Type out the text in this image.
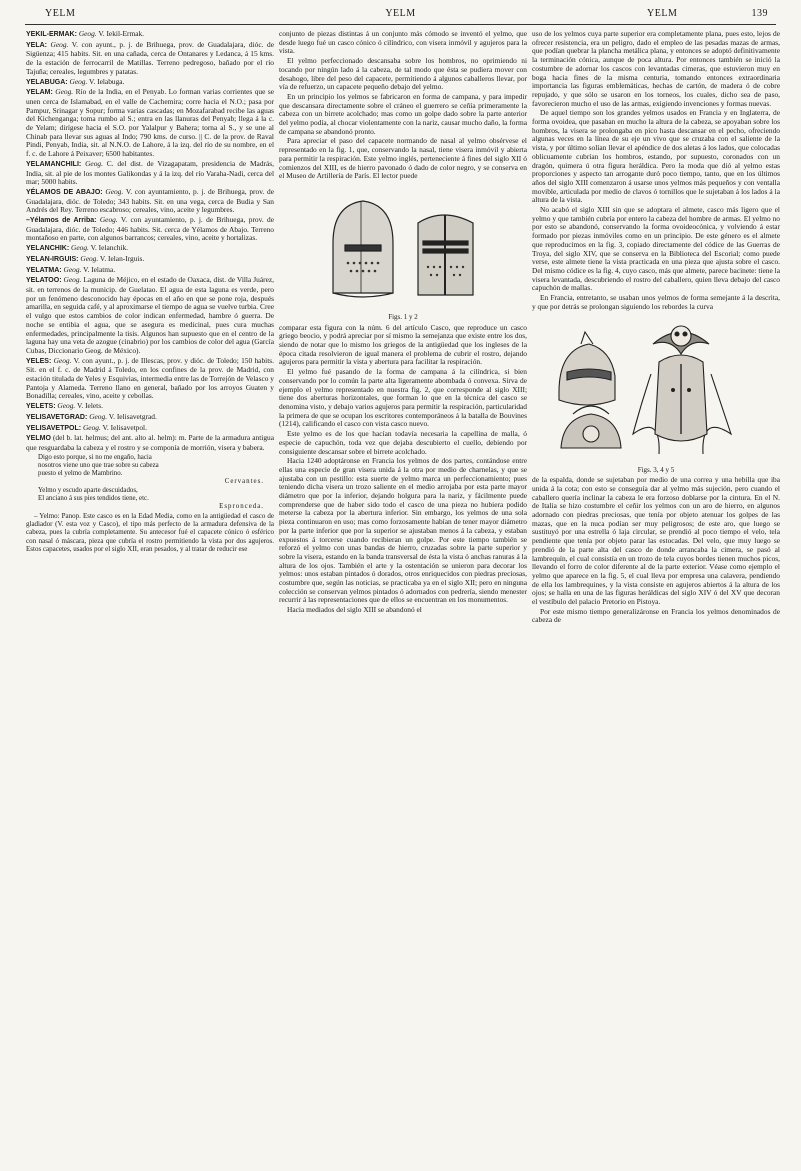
YELM	YELM	YELM	139

YEKIL-ERMAK: Geog. V. Iekil-Ermak.

YELA: Geog. V. con ayunt., p. j. de Brihuega, prov. de Guadalajara, dióc. de Sigüenza; 415 habits. Sit. en una cañada, cerca de Ontanares y Ledanca, á 15 kms. de la estación de ferrocarril de Matillas. Terreno pedregoso, bañado por el río Tajuña; cereales, legumbres y patatas.

YELABUGA: Geog. V. Ielabuga.

YELAM: Geog. Río de la India, en el Penyab. Lo forman varias corrientes que se unen cerca de Islamabad, en el valle de Cachemira; corre hacia el N.O.; pasa por Pampur, Srinagar y Sopur; forma varias cascadas; en Mozafarabad recibe las aguas del Kichenganga; toma rumbo al S.; entra en las llanuras del Penyab; llega á la c. de Yelam; dirígese hacia el S.O. por Yalalpur y Bahera; torna al S., y se une al Chinab para llevar sus aguas al Indo; 790 kms. de curso. || C. de la prov. de Raval Pindi, Penyab, India, sit. al N.N.O. de Lahore, á la izq. del río de su nombre, en el f. c. de Lahore á Peixaver; 6500 habitantes.

YELAMANCHILI: Geog. C. del dist. de Vizagapatam, presidencia de Madrás, India, sit. al pie de los montes Galikondas y á la izq. del río Varaha-Nadi, cerca del mar; 5000 habits.

YÉLAMOS DE ABAJO: Geog. V. con ayuntamiento, p. j. de Brihuega, prov. de Guadalajara, dióc. de Toledo; 343 habits. Sit. en una vega, cerca de Budia y San Andrés del Rey. Terreno escabroso; cereales, vino, aceite y legumbres.

–Yélamos de Arriba: Geog. V. con ayuntamiento, p. j. de Brihuega, prov. de Guadalajara, dióc. de Toledo; 446 habits. Sit. cerca de Yélamos de Abajo. Terreno montañoso en parte, con algunos barrancos; cereales, vino, aceite y hortalizas.

YELANCHIK: Geog. V. Ielanchik.

YELAN-IRGUIS: Geog. V. Ielan-Irguis.

YELATMA: Geog. V. Ielatma.

YELATOO: Geog. Laguna de Méjico, en el estado de Oaxaca, dist. de Villa Juárez, sit. en terrenos de la municip. de Guelatao. El agua de esta laguna es verde, pero por un fenómeno desconocido hay épocas en el año en que se pone roja, después amarilla, en seguida café, y al aproximarse el tiempo de agua se vuelve turbia. Cree el vulgo que estos cambios de color indican enfermedad, hambre ó guerra. De noche se entibia el agua, que se asegura es medicinal, pues cura muchas enfermedades, principalmente la tisis. Algunos han supuesto que en el centro de la laguna hay una veta de azogue (cinabrio) por los cambios de color del agua (García Cubas, Diccionario Geog. de México).

YELES: Geog. V. con ayunt., p. j. de Illescas, prov. y dióc. de Toledo; 150 habits. Sit. en el f. c. de Madrid á Toledo, en los confines de la prov. de Madrid, con estación titulada de Yeles y Esquivias, intermedia entre las de Torrejón de Velasco y Pantoja y Alameda. Terreno llano en general, bañado por los arroyos Guaten y Bonadilla; cereales, vino, aceite y cebollas.

YELETS: Geog. V. Ielets.

YELISAVETGRAD: Geog. V. Ielisavetgrad.

YELISAVETPOL: Geog. V. Ielisavetpol.

YELMO (del b. lat. helmus; del ant. alto al. helm): m. Parte de la armadura antigua que resguardaba la cabeza y el rostro y se componía de morrión, visera y babera.

Digo esto porque, si no me engaño, hacia
nosotros viene uno que trae sobre su cabeza
puesto el yelmo de Mambrino.
Cervantes.
Yelmo y escudo aparte descuidados,
El anciano á sus pies tendidos tiene, etc.
Espronceda.

– Yelmo: Panop. Este casco es en la Edad Media, como en la antigüedad el casco de gladiador (V. esta voz y Casco), el tipo más perfecto de la armadura defensiva de la cabeza, pues la cubría completamente. Su antecesor fué el capacete cónico ó esférico con nasal ó máscara, pieza que cubría el rostro permitiendo la vista por dos agujeros. Estos capacetes, usados por el siglo XII, eran pesados, y al tratar de reducir ese

conjunto de piezas distintas á un conjunto más cómodo se inventó el yelmo, que desde luego fué un casco cónico ó cilíndrico, con visera inmóvil y agujeros para la vista.

El yelmo perfeccionado descansaba sobre los hombros, no oprimiendo ni tocando por ningún lado á la cabeza, de tal modo que ésta se pudiera mover con desahogo, libre del peso del capacete, permitiendo á algunos caballeros llevar, por vía de refuerzo, un capacete pequeño debajo del yelmo.

En un principio los yelmos se fabricaron en forma de campana, y para impedir que descansara directamente sobre el cráneo el guerrero se ceñía primeramente la cabeza con un birrete acolchado; mas como un golpe dado sobre la parte anterior del yelmo podía, al chocar violentamente con la nariz, causar mucho daño, la forma de campana se abandonó pronto.

Para apreciar el paso del capacete normando de nasal al yelmo obsérvese el representado en la fig. 1, que, conservando la nasal, tiene visera inmóvil y abierta para permitir la respiración. Este yelmo inglés, perteneciente á fines del siglo XII ó comienzos del XIII, es de hierro pavonado ó dado de color negro, y se conserva en el Museo de Artillería de París. El lector puede

Figs. 1 y 2

comparar esta figura con la núm. 6 del artículo Casco, que reproduce un casco griego beocio, y podrá apreciar por sí mismo la semejanza que existe entre los dos, siendo de notar que lo mismo los griegos de la antigüedad que los ingleses de la época citada resolvieron de igual manera el problema de cubrir el rostro, dejando agujeros para permitir la vista y abertura para facilitar la respiración.

El yelmo fué pasando de la forma de campana á la cilíndrica, si bien conservando por lo común la parte alta ligeramente abombada ó convexa. Sirva de ejemplo el yelmo representado en nuestra fig. 2, que corresponde al siglo XIII; tiene dos aberturas horizontales, que forman lo que en la técnica del casco se denomina visto, y debajo varios agujeros para permitir la respiración, particularidad la primera de que se ocupan los escritores contemporáneos á la batalla de Bouvines (1214), calificando el casco con vista casco nuevo.

Este yelmo es de los que hacían todavía necesaria la capellina de malla, ó especie de capuchón, toda vez que dejaba descubierto el cuello, debiendo por consiguiente descansar sobre el birrete acolchado.

Hacia 1240 adoptáronse en Francia los yelmos de dos partes, contándose entre ellas una especie de gran visera unida á la otra por medio de charnelas, y que se ajustaba con un pestillo: esta suerte de yelmo marca un perfeccionamiento; pues teniendo dicha visera un trozo saliente en el medio arrojaba por esta parte mayor diámetro que por la inferior, dejando holgura para la nariz, y fácilmente puede comprenderse que de haber sido todo el casco de una pieza no hubiera podido meterse la cabeza por la abertura inferior. Sin embargo, los yelmos de una sola pieza continuaron en uso; mas como forzosamente habían de tener mayor diámetro por la parte inferior que por la superior se ajustaban menos á la cabeza, y estaban expuestos á torcerse cuando recibieran un golpe. Por este tiempo también se reforzó el yelmo con unas bandas de hierro, cruzadas sobre la parte superior y sobre la visera, estando en la banda transversal de ésta la vista ó anchas ranuras á la altura de los ojos. También el arte y la ostentación se unieron para decorar los yelmos: unos estaban pintados ó dorados, otros enriquecidos con piedras preciosas, costumbre que, según las noticias, se practicaba ya en el siglo XII; pero en ninguna colección se conservan yelmos pintados ó adornados con pedrería, siendo menester recurrir á las representaciones que de ellos se encuentran en los monumentos.

Hacia mediados del siglo XIII se abandonó el

uso de los yelmos cuya parte superior era completamente plana, pues esto, lejos de ofrecer resistencia, era un peligro, dado el empleo de las pesadas mazas de armas, que podían quebrar la plancha metálica plana, y entonces se adoptó definitivamente la terminación cónica, aunque de poca altura. Por entonces también se inició la costumbre de adornar los cascos con levantadas cimeras, que estuvieron muy en boga hacia fines de la misma centuria, tomando entonces extraordinaria importancia las figuras emblemáticas, hechas de cartón, de madera ó de cobre repujado, y que sólo se usaron en los torneos, los cuales, dicho sea de paso, favorecieron mucho el uso de las armas, exigiendo invenciones y formas nuevas.

De aquel tiempo son los grandes yelmos usados en Francia y en Inglaterra, de forma ovoidea, que pasaban en mucho la altura de la cabeza, se apoyaban sobre los hombros, la visera se prolongaba en pico hasta descansar en el pecho, ofreciendo algunas veces en la línea de su eje un vivo que se cruzaba con el saliente de la vista, y por último solían llevar el apéndice de dos aletas á los lados, que colocadas oblicuamente cubrían los hombros, estando, por supuesto, coronados con un dragón, quimera ú otra figura heráldica. Pero la moda que dió al yelmo estas proporciones y aspecto tan arrogante duró poco tiempo, tanto, que en los últimos años del siglo XIII comenzaron á usarse unos yelmos más pequeños y con ventalla movible, articulada por medio de clavos ó tornillos que le sujetaban á los lados á la altura de la vista.

No acabó el siglo XIII sin que se adoptara el almete, casco más ligero que el yelmo y que también cubría por entero la cabeza del hombre de armas. El yelmo no por esto se abandonó, conservando la forma ovoideocónica, y volviendo á estar formado por piezas inmóviles como en un principio. De este género es el almete que reproducimos en la fig. 3, copiado directamente del códice de las Guerras de Troya, del siglo XIV, que se conserva en la Biblioteca del Escorial; como puede verse, este almete tiene la vista practicada en una pieza que ajusta sobre el casco. Del mismo códice es la fig. 4, cuyo casco, más que almete, parece bacinete: tiene la visera levantada, descubriendo el rostro del caballero, quien lleva debajo del casco capuchón de mallas.

En Francia, entretanto, se usaban unos yelmos de forma semejante á la descrita, y que por detrás se prolongan siguiendo los rebordes la curva

Figs. 3, 4 y 5

de la espalda, donde se sujetaban por medio de una correa y una hebilla que iba unida á la cota; con esto se conseguía dar al yelmo más sujeción, pero cuando el caballero quería inclinar la cabeza le era forzoso doblarse por la cintura. En el N. de Italia se hizo costumbre el ceñir los yelmos con un aro de hierro, en algunos adornado con piedras preciosas, que tenía por objeto atenuar los golpes de las mazas, que en la nuca podían ser muy peligrosos; de este aro, que luego se sustituyó por una estrella ó laja circular, se prendió al poco tiempo el velo, tela pendiente que tenía por objeto parar las estocadas. Del velo, que muy luego se prendió de la parte alta del casco de donde arrancaba la cimera, se pasó al lambrequín, el cual consistía en un trozo de tela cuyos bordes tienen muchos picos, llevando el forro de color diferente al de la parte exterior. Véase como ejemplo el yelmo que aparece en la fig. 5, el cual lleva por empresa una calavera, pendiendo de ella los lambrequines, y la vista consiste en agujeros abiertos á la altura de los ojos; se halla en una de las figuras heráldicas del siglo XIV ó del XV que decoran el vestíbulo del palacio Pretorio en Pistoya.

Por este mismo tiempo generalizáronse en Francia los yelmos denominados de cabeza de
